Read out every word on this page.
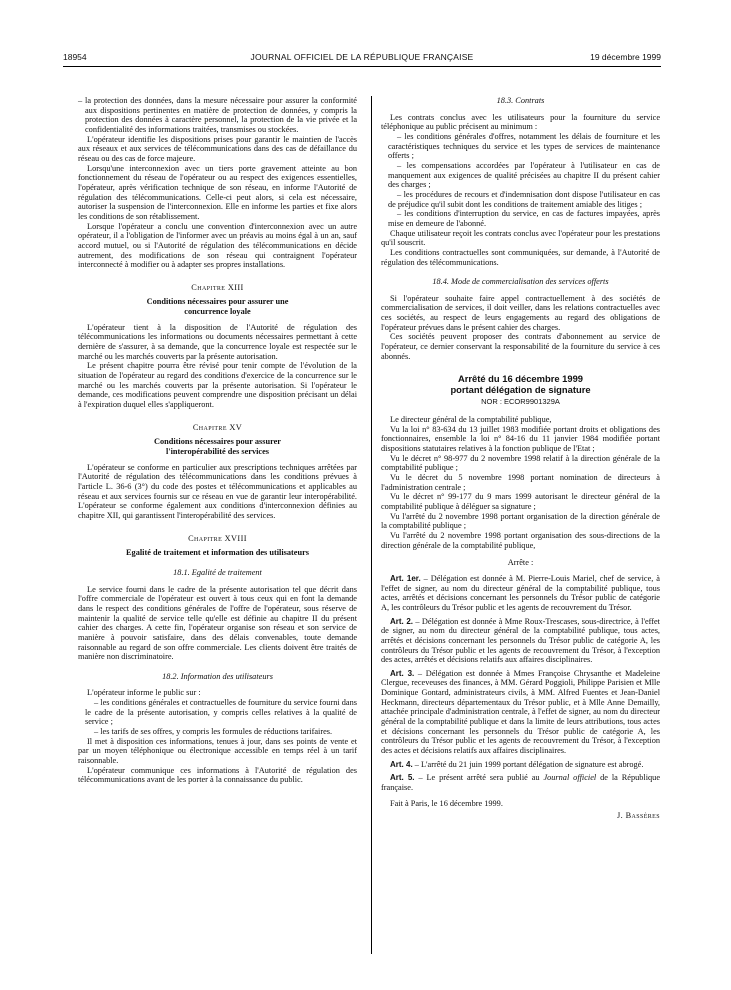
18954	JOURNAL OFFICIEL DE LA RÉPUBLIQUE FRANÇAISE	19 décembre 1999

– la protection des données, dans la mesure nécessaire pour assurer la conformité aux dispositions pertinentes en matière de protection de données, y compris la protection des données à caractère personnel, la protection de la vie privée et la confidentialité des informations traitées, transmises ou stockées.

L'opérateur identifie les dispositions prises pour garantir le maintien de l'accès aux réseaux et aux services de télécommunications dans des cas de défaillance du réseau ou des cas de force majeure.

Lorsqu'une interconnexion avec un tiers porte gravement atteinte au bon fonctionnement du réseau de l'opérateur ou au respect des exigences essentielles, l'opérateur, après vérification technique de son réseau, en informe l'Autorité de régulation des télécommunications. Celle-ci peut alors, si cela est nécessaire, autoriser la suspension de l'interconnexion. Elle en informe les parties et fixe alors les conditions de son rétablissement.

Lorsque l'opérateur a conclu une convention d'interconnexion avec un autre opérateur, il a l'obligation de l'informer avec un préavis au moins égal à un an, sauf accord mutuel, ou si l'Autorité de régulation des télécommunications en décide autrement, des modifications de son réseau qui contraignent l'opérateur interconnecté à modifier ou à adapter ses propres installations.

Chapitre XIII
Conditions nécessaires pour assurer une concurrence loyale

L'opérateur tient à la disposition de l'Autorité de régulation des télécommunications les informations ou documents nécessaires permettant à cette dernière de s'assurer, à sa demande, que la concurrence loyale est respectée sur le marché ou les marchés couverts par la présente autorisation.

Le présent chapitre pourra être révisé pour tenir compte de l'évolution de la situation de l'opérateur au regard des conditions d'exercice de la concurrence sur le marché ou les marchés couverts par la présente autorisation. Si l'opérateur le demande, ces modifications peuvent comprendre une disposition précisant un délai à l'expiration duquel elles s'appliqueront.

Chapitre XV
Conditions nécessaires pour assurer l'interopérabilité des services

L'opérateur se conforme en particulier aux prescriptions techniques arrêtées par l'Autorité de régulation des télécommunications dans les conditions prévues à l'article L. 36-6 (3°) du code des postes et télécommunications et applicables au réseau et aux services fournis sur ce réseau en vue de garantir leur interopérabilité. L'opérateur se conforme également aux conditions d'interconnexion définies au chapitre XII, qui garantissent l'interopérabilité des services.

Chapitre XVIII
Egalité de traitement et information des utilisateurs
18.1. Egalité de traitement

Le service fourni dans le cadre de la présente autorisation tel que décrit dans l'offre commerciale de l'opérateur est ouvert à tous ceux qui en font la demande dans le respect des conditions générales de l'offre de l'opérateur, sous réserve de maintenir la qualité de service telle qu'elle est définie au chapitre II du présent cahier des charges. A cette fin, l'opérateur organise son réseau et son service de manière à pouvoir satisfaire, dans des délais convenables, toute demande raisonnable au regard de son offre commerciale. Les clients doivent être traités de manière non discriminatoire.

18.2. Information des utilisateurs

L'opérateur informe le public sur :

– les conditions générales et contractuelles de fourniture du service fourni dans le cadre de la présente autorisation, y compris celles relatives à la qualité de service ;

– les tarifs de ses offres, y compris les formules de réductions tarifaires.

Il met à disposition ces informations, tenues à jour, dans ses points de vente et par un moyen téléphonique ou électronique accessible en temps réel à un tarif raisonnable.

L'opérateur communique ces informations à l'Autorité de régulation des télécommunications avant de les porter à la connaissance du public.

18.3. Contrats

Les contrats conclus avec les utilisateurs pour la fourniture du service téléphonique au public précisent au minimum :

– les conditions générales d'offres, notamment les délais de fourniture et les caractéristiques techniques du service et les types de services de maintenance offerts ;

– les compensations accordées par l'opérateur à l'utilisateur en cas de manquement aux exigences de qualité précisées au chapitre II du présent cahier des charges ;

– les procédures de recours et d'indemnisation dont dispose l'utilisateur en cas de préjudice qu'il subit dont les conditions de traitement amiable des litiges ;

– les conditions d'interruption du service, en cas de factures impayées, après mise en demeure de l'abonné.

Chaque utilisateur reçoit les contrats conclus avec l'opérateur pour les prestations qu'il souscrit.

Les conditions contractuelles sont communiquées, sur demande, à l'Autorité de régulation des télécommunications.

18.4. Mode de commercialisation des services offerts

Si l'opérateur souhaite faire appel contractuellement à des sociétés de commercialisation de services, il doit veiller, dans les relations contractuelles avec ces sociétés, au respect de leurs engagements au regard des obligations de l'opérateur prévues dans le présent cahier des charges.

Ces sociétés peuvent proposer des contrats d'abonnement au service de l'opérateur, ce dernier conservant la responsabilité de la fourniture du service à ces abonnés.

Arrêté du 16 décembre 1999
portant délégation de signature
NOR : ECOR9901329A

Le directeur général de la comptabilité publique,

Vu la loi n° 83-634 du 13 juillet 1983 modifiée portant droits et obligations des fonctionnaires, ensemble la loi n° 84-16 du 11 janvier 1984 modifiée portant dispositions statutaires relatives à la fonction publique de l'Etat ;

Vu le décret n° 98-977 du 2 novembre 1998 relatif à la direction générale de la comptabilité publique ;

Vu le décret du 5 novembre 1998 portant nomination de directeurs à l'administration centrale ;

Vu le décret n° 99-177 du 9 mars 1999 autorisant le directeur général de la comptabilité publique à déléguer sa signature ;

Vu l'arrêté du 2 novembre 1998 portant organisation de la direction générale de la comptabilité publique ;

Vu l'arrêté du 2 novembre 1998 portant organisation des sous-directions de la direction générale de la comptabilité publique,

Arrête :

Art. 1er. – Délégation est donnée à M. Pierre-Louis Mariel, chef de service, à l'effet de signer, au nom du directeur général de la comptabilité publique, tous actes, arrêtés et décisions concernant les personnels du Trésor public de catégorie A, les contrôleurs du Trésor public et les agents de recouvrement du Trésor.

Art. 2. – Délégation est donnée à Mme Roux-Trescases, sous-directrice, à l'effet de signer, au nom du directeur général de la comptabilité publique, tous actes, arrêtés et décisions concernant les personnels du Trésor public de catégorie A, les contrôleurs du Trésor public et les agents de recouvrement du Trésor, à l'exception des actes, arrêtés et décisions relatifs aux affaires disciplinaires.

Art. 3. – Délégation est donnée à Mmes Françoise Chrysanthe et Madeleine Clergue, receveuses des finances, à MM. Gérard Poggioli, Philippe Parisien et Mlle Dominique Gontard, administrateurs civils, à MM. Alfred Fuentes et Jean-Daniel Heckmann, directeurs départementaux du Trésor public, et à Mlle Anne Demailly, attachée principale d'administration centrale, à l'effet de signer, au nom du directeur général de la comptabilité publique et dans la limite de leurs attributions, tous actes et décisions concernant les personnels du Trésor public de catégorie A, les contrôleurs du Trésor public et les agents de recouvrement du Trésor, à l'exception des actes et décisions relatifs aux affaires disciplinaires.

Art. 4. – L'arrêté du 21 juin 1999 portant délégation de signature est abrogé.

Art. 5. – Le présent arrêté sera publié au Journal officiel de la République française.

Fait à Paris, le 16 décembre 1999.

J. Bassères
